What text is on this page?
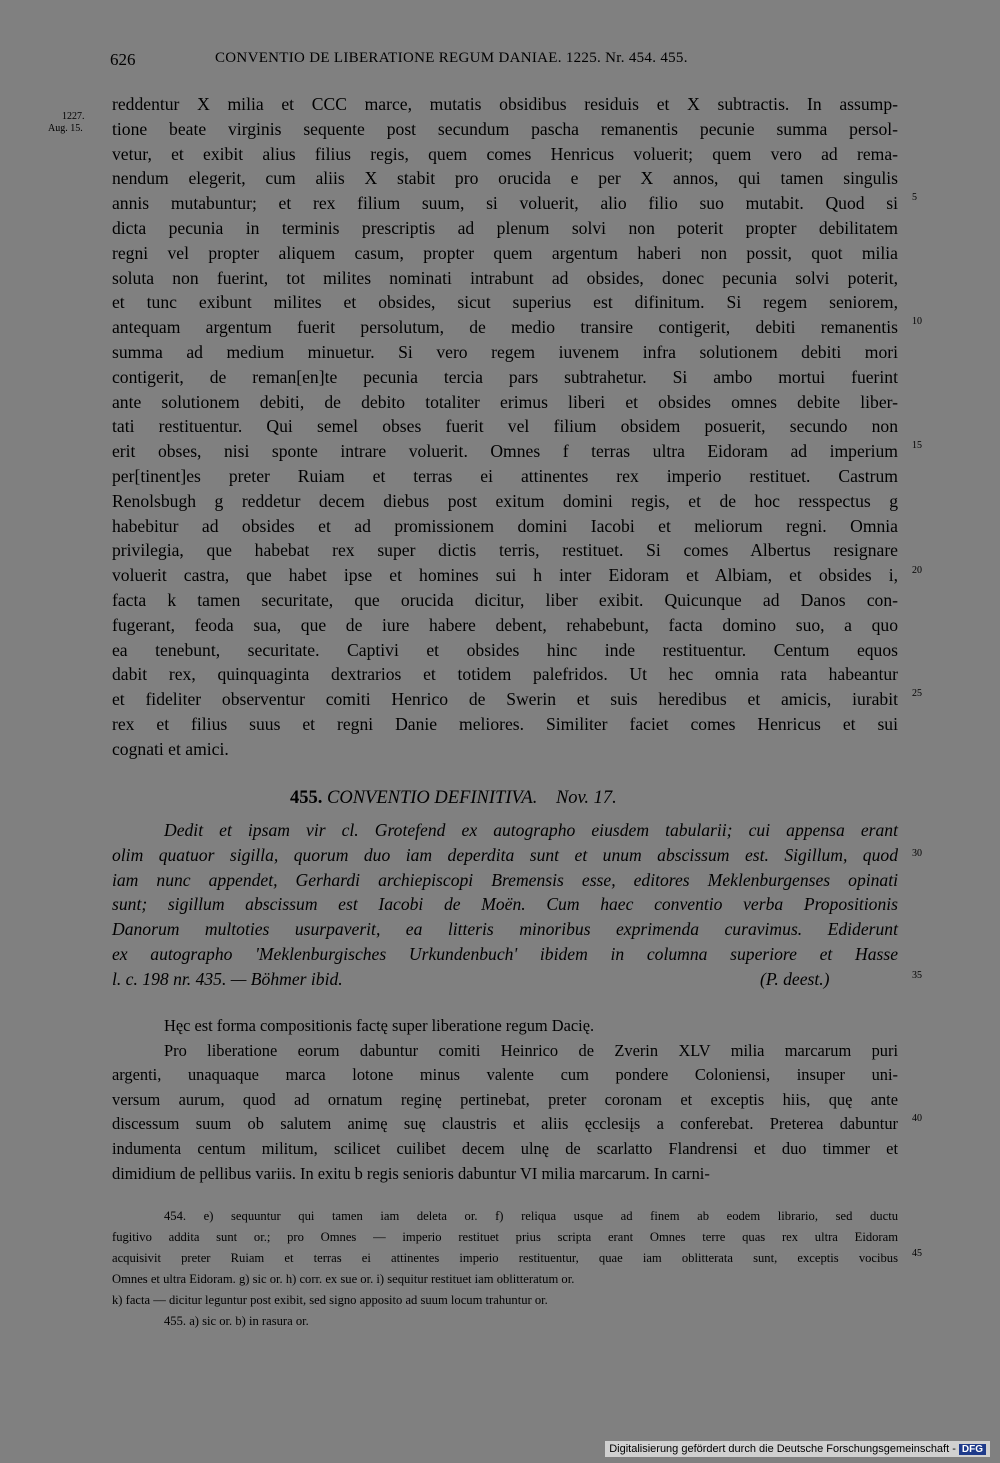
626	CONVENTIO DE LIBERATIONE REGUM DANIAE. 1225. Nr. 454. 455.
1227.
Aug. 15.
reddentur X milia et CCC marce, mutatis obsidibus residuis et X subtractis. In assump-
tione beate virginis sequente post secundum pascha remanentis pecunie summa persol-
vetur, et exibit alius filius regis, quem comes Henricus voluerit; quem vero ad rema-
nendum elegerit, cum aliis X stabit pro orucida e per X annos, qui tamen singulis
annis mutabuntur; et rex filium suum, si voluerit, alio filio suo mutabit. Quod si
dicta pecunia in terminis prescriptis ad plenum solvi non poterit propter debilitatem
regni vel propter aliquem casum, propter quem argentum haberi non possit, quot milia
soluta non fuerint, tot milites nominati intrabunt ad obsides, donec pecunia solvi poterit,
et tunc exibunt milites et obsides, sicut superius est difinitum. Si regem seniorem,
antequam argentum fuerit persolutum, de medio transire contigerit, debiti remanentis
summa ad medium minuetur. Si vero regem iuvenem infra solutionem debiti mori
contigerit, de reman[en]te pecunia tercia pars subtrahetur. Si ambo mortui fuerint
ante solutionem debiti, de debito totaliter erimus liberi et obsides omnes debite liber-
tati restituentur. Qui semel obses fuerit vel filium obsidem posuerit, secundo non
erit obses, nisi sponte intrare voluerit. Omnes f terras ultra Eidoram ad imperium
per[tinent]es preter Ruiam et terras ei attinentes rex imperio restituet. Castrum
Renolsbugh g reddetur decem diebus post exitum domini regis, et de hoc resspectus g
habebitur ad obsides et ad promissionem domini Iacobi et meliorum regni. Omnia
privilegia, que habebat rex super dictis terris, restituet. Si comes Albertus resignare
voluerit castra, que habet ipse et homines sui h inter Eidoram et Albiam, et obsides i,
facta k tamen securitate, que orucida dicitur, liber exibit. Quicunque ad Danos con-
fugerant, feoda sua, que de iure habere debent, rehabebunt, facta domino suo, a quo
ea tenebunt, securitate. Captivi et obsides hinc inde restituentur. Centum equos
dabit rex, quinquaginta dextrarios et totidem palefridos. Ut hec omnia rata habeantur
et fideliter observentur comiti Henrico de Swerin et suis heredibus et amicis, iurabit
rex et filius suus et regni Danie meliores. Similiter faciet comes Henricus et sui
cognati et amici.
455. CONVENTIO DEFINITIVA. Nov. 17.
Dedit et ipsam vir cl. Grotefend ex autographo eiusdem tabularii; cui appensa erant
olim quatuor sigilla, quorum duo iam deperdita sunt et unum abscissum est. Sigillum, quod
iam nunc appendet, Gerhardi archiepiscopi Bremensis esse, editores Meklenburgenses opinati
sunt; sigillum abscissum est Iacobi de Moën. Cum haec conventio verba Propositionis
Danorum multoties usurpaverit, ea litteris minoribus exprimenda curavimus. Ediderunt
ex autographo 'Meklenburgisches Urkundenbuch' ibidem in columna superiore et Hasse
l. c. 198 nr. 435. — Böhmer ibid.	(P. deest.)
Hęc est forma compositionis factę super liberatione regum Dacię.
Pro liberatione eorum dabuntur comiti Heinrico de Zverin XLV milia marcarum puri
argenti, unaquaque marca lotone minus valente cum pondere Coloniensi, insuper uni-
versum aurum, quod ad ornatum reginę pertinebat, preter coronam et exceptis hiis, quę ante
discessum suum ob salutem animę suę claustris et aliis ęcclesiįs a conferebat. Preterea dabuntur
indumenta centum militum, scilicet cuilibet decem ulnę de scarlatto Flandrensi et duo timmer et
dimidium de pellibus variis. In exitu b regis senioris dabuntur VI milia marcarum. In carni-
5
10
15
20
25
30
35
40
45
454. e) sequuntur qui tamen iam deleta or. f) reliqua usque ad finem ab eodem librario, sed ductu
fugitivo addita sunt or.; pro Omnes — imperio restituet prius scripta erant Omnes terre quas rex ultra Eidoram
acquisivit preter Ruiam et terras ei attinentes imperio restituentur, quae iam oblitterata sunt, exceptis vocibus
Omnes et ultra Eidoram. g) sic or. h) corr. ex sue or. i) sequitur restituet iam oblitteratum or.
k) facta — dicitur leguntur post exibit, sed signo apposito ad suum locum trahuntur or.
455. a) sic or. b) in rasura or.
Digitalisierung gefördert durch die Deutsche Forschungsgemeinschaft - DFG
